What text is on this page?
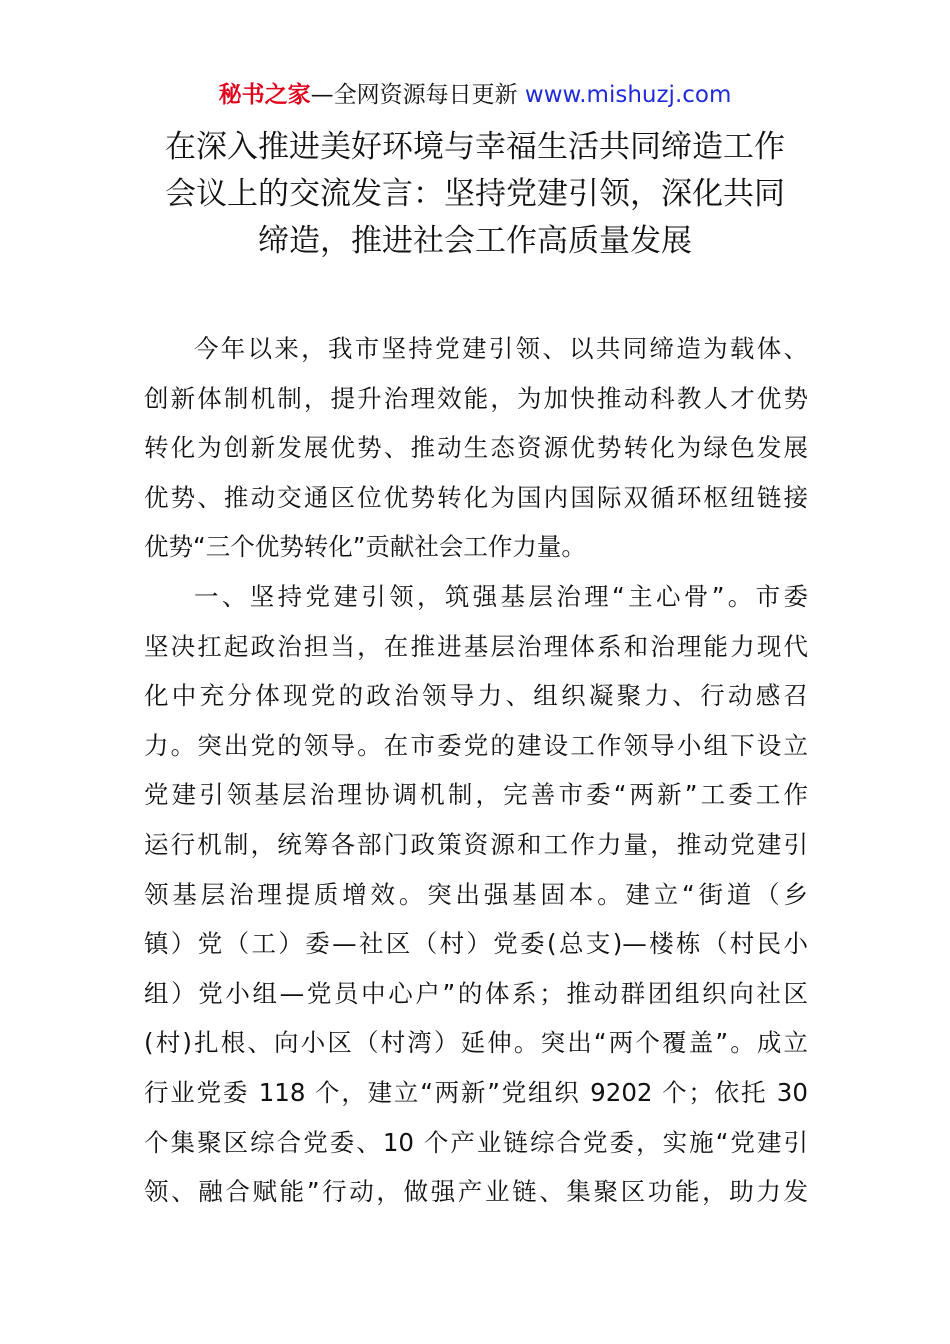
秘书之家—全网资源每日更新 www.mishuzj.com
在深入推进美好环境与幸福生活共同缔造工作
会议上的交流发言：坚持党建引领，深化共同
缔造，推进社会工作高质量发展
今年以来，我市坚持党建引领、以共同缔造为载体、
创新体制机制，提升治理效能，为加快推动科教人才优势
转化为创新发展优势、推动生态资源优势转化为绿色发展
优势、推动交通区位优势转化为国内国际双循环枢纽链接
优势“三个优势转化”贡献社会工作力量。
一、坚持党建引领，筑强基层治理“主心骨”。市委
坚决扛起政治担当，在推进基层治理体系和治理能力现代
化中充分体现党的政治领导力、组织凝聚力、行动感召
力。突出党的领导。在市委党的建设工作领导小组下设立
党建引领基层治理协调机制，完善市委“两新”工委工作
运行机制，统筹各部门政策资源和工作力量，推动党建引
领基层治理提质增效。突出强基固本。建立“街道（乡
镇）党（工）委—社区（村）党委(总支)—楼栋（村民小
组）党小组—党员中心户”的体系；推动群团组织向社区
(村)扎根、向小区（村湾）延伸。突出“两个覆盖”。成立
行业党委 118 个，建立“两新”党组织 9202 个；依托 30
个集聚区综合党委、10 个产业链综合党委，实施“党建引
领、融合赋能”行动，做强产业链、集聚区功能，助力发
